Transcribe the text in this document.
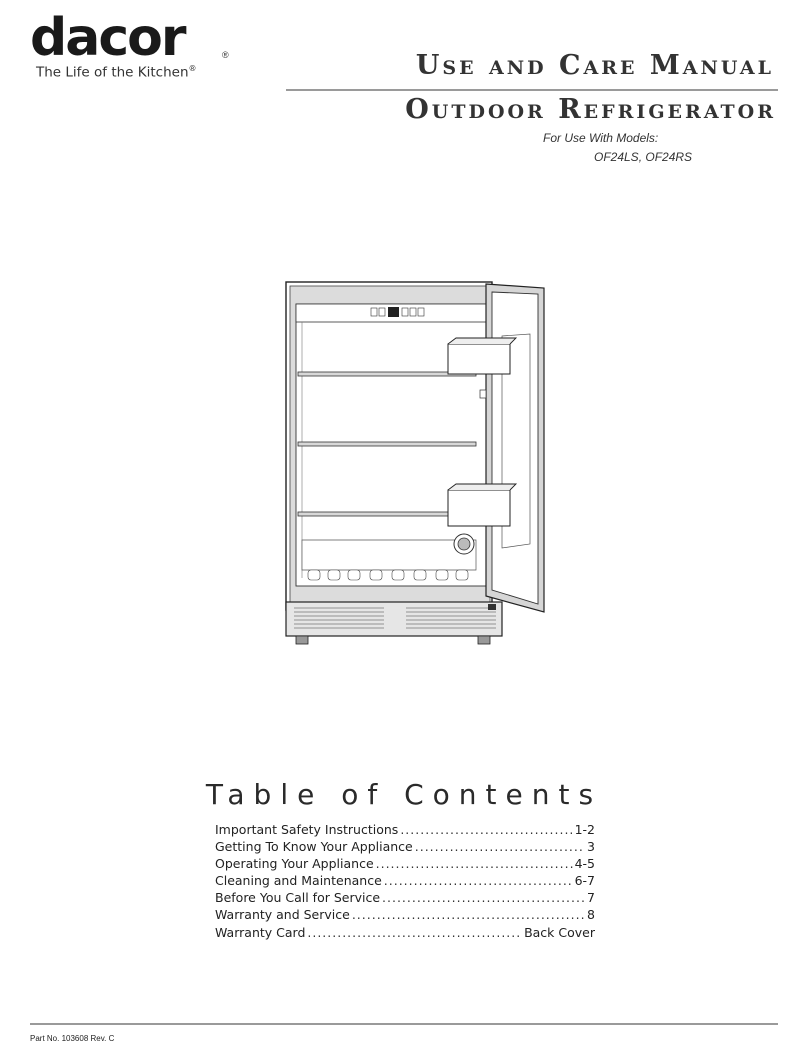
dacor	®
The Life of the Kitchen®	Use and Care Manual
Outdoor Refrigerator
For Use With Models:
OF24LS, OF24RS
Table of Contents
Important Safety Instructions .....	1-2
Getting To Know Your Appliance .....	3
Operating Your Appliance .....	4-5
Cleaning and Maintenance .....	6-7
Before You Call for Service .....	7
Warranty and Service .....	8
Warranty Card .....	Back Cover
Part No. 103608 Rev. C
